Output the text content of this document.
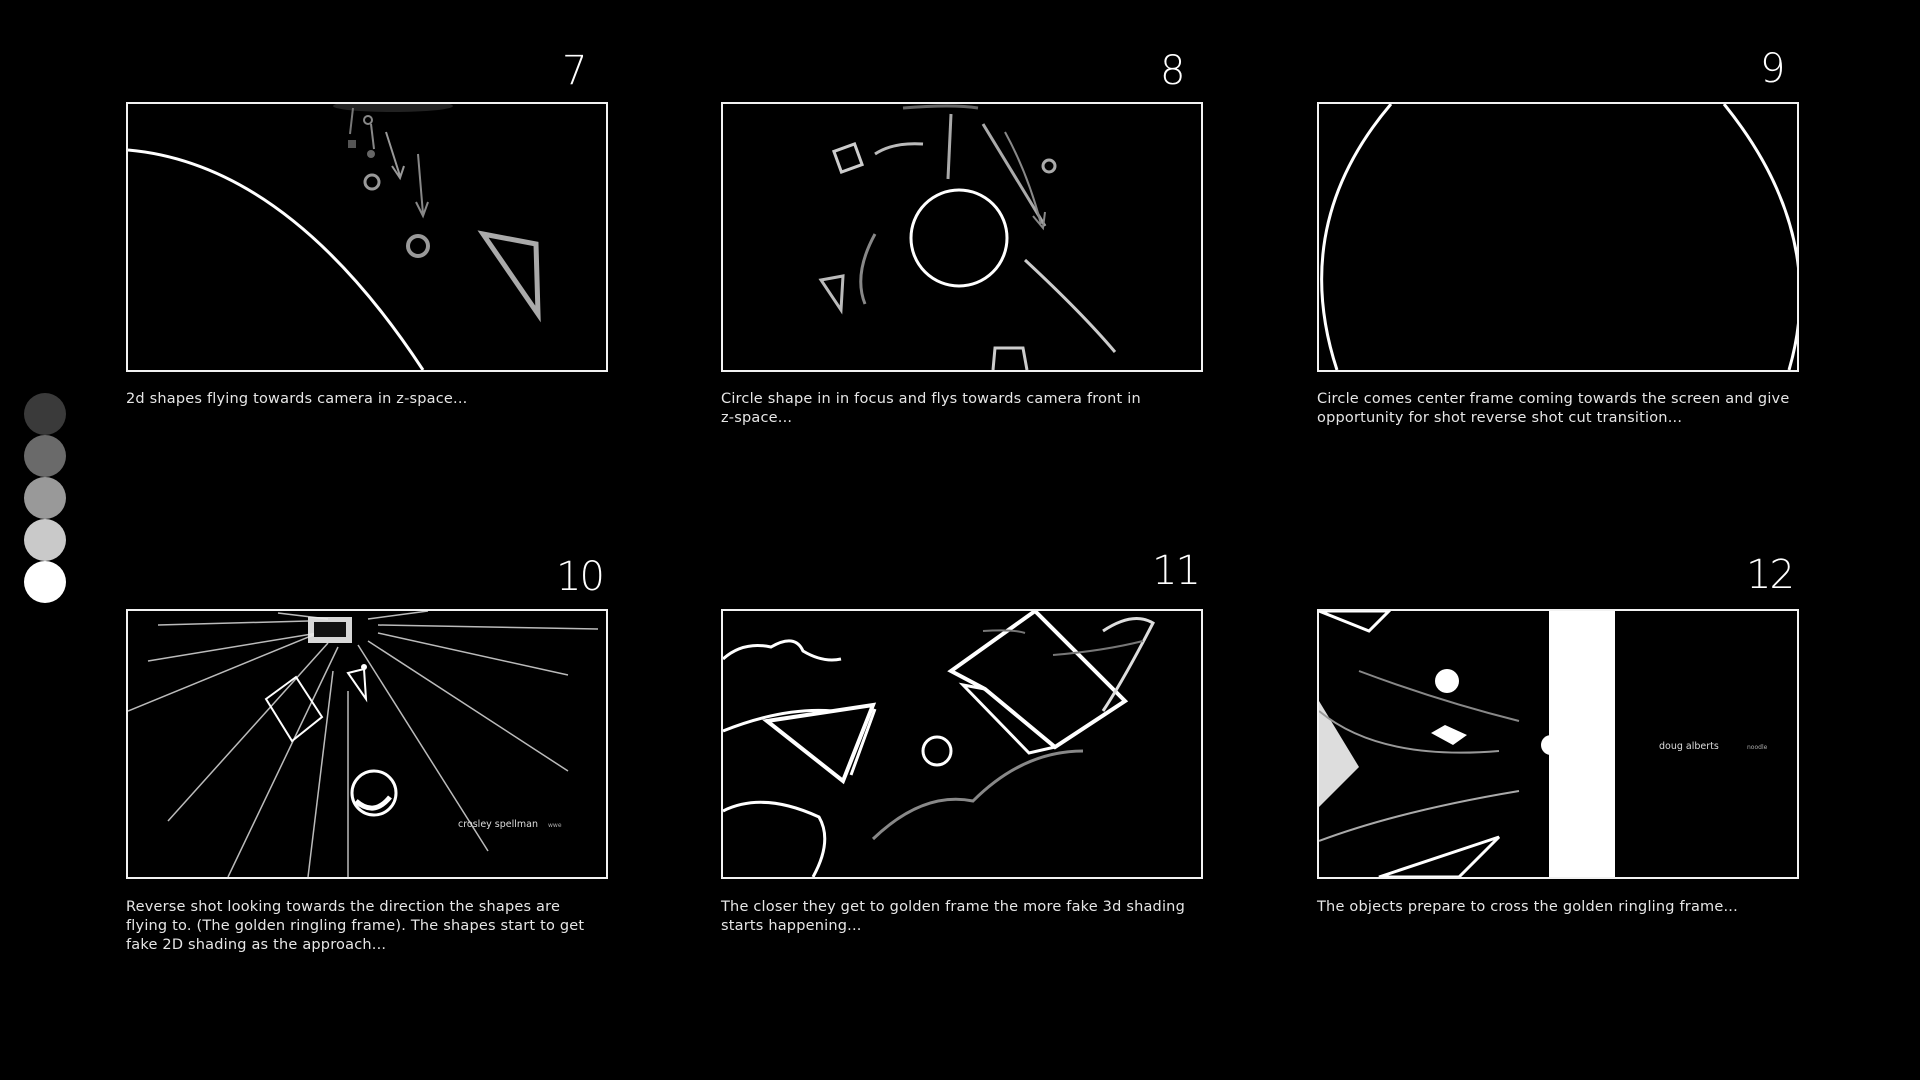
7
2d shapes flying towards camera in z-space...
8
Circle shape in in focus and flys towards camera front in z-space...
9
Circle comes center frame coming towards the screen and give opportunity for shot reverse shot cut transition...
10
crosley spellman wwe
Reverse shot looking towards the direction the shapes are flying to. (The golden ringling frame). The shapes start to get fake 2D shading as the approach...
11
The closer they get to golden frame the more fake 3d shading starts happening...
12
doug alberts	noodle
The objects prepare to cross the golden ringling frame...
